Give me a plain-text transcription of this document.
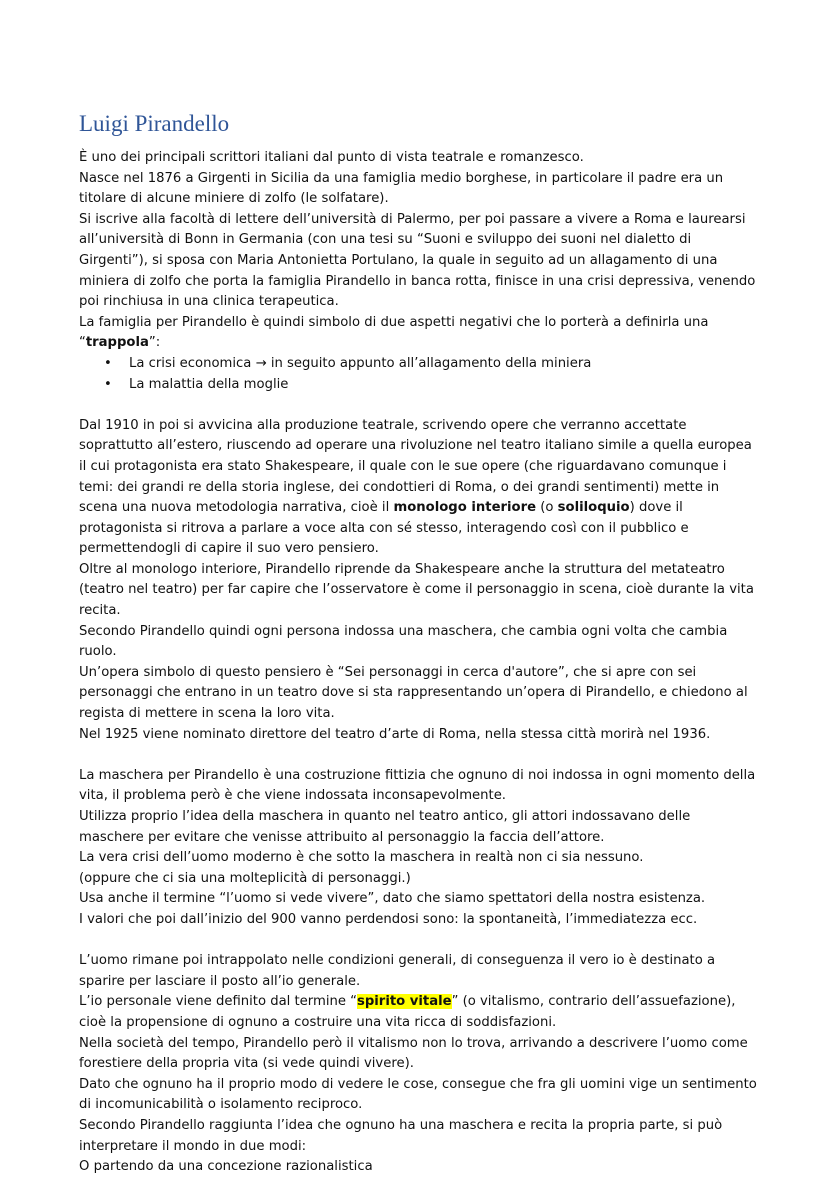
Luigi Pirandello

È uno dei principali scrittori italiani dal punto di vista teatrale e romanzesco.

Nasce nel 1876 a Girgenti in Sicilia da una famiglia medio borghese, in particolare il padre era un titolare di alcune miniere di zolfo (le solfatare).

Si iscrive alla facoltà di lettere dell’università di Palermo, per poi passare a vivere a Roma e laurearsi all’università di Bonn in Germania (con una tesi su “Suoni e sviluppo dei suoni nel dialetto di Girgenti”), si sposa con Maria Antonietta Portulano, la quale in seguito ad un allagamento di una miniera di zolfo che porta la famiglia Pirandello in banca rotta, finisce in una crisi depressiva, venendo poi rinchiusa in una clinica terapeutica.

La famiglia per Pirandello è quindi simbolo di due aspetti negativi che lo porterà a definirla una “trappola”:

• La crisi economica → in seguito appunto all’allagamento della miniera
• La malattia della moglie

Dal 1910 in poi si avvicina alla produzione teatrale, scrivendo opere che verranno accettate soprattutto all’estero, riuscendo ad operare una rivoluzione nel teatro italiano simile a quella europea il cui protagonista era stato Shakespeare, il quale con le sue opere (che riguardavano comunque i temi: dei grandi re della storia inglese, dei condottieri di Roma, o dei grandi sentimenti) mette in scena una nuova metodologia narrativa, cioè il monologo interiore (o soliloquio) dove il protagonista si ritrova a parlare a voce alta con sé stesso, interagendo così con il pubblico e permettendogli di capire il suo vero pensiero.

Oltre al monologo interiore, Pirandello riprende da Shakespeare anche la struttura del metateatro (teatro nel teatro) per far capire che l’osservatore è come il personaggio in scena, cioè durante la vita recita.

Secondo Pirandello quindi ogni persona indossa una maschera, che cambia ogni volta che cambia ruolo.

Un’opera simbolo di questo pensiero è “Sei personaggi in cerca d'autore”, che si apre con sei personaggi che entrano in un teatro dove si sta rappresentando un’opera di Pirandello, e chiedono al regista di mettere in scena la loro vita.

Nel 1925 viene nominato direttore del teatro d’arte di Roma, nella stessa città morirà nel 1936.

La maschera per Pirandello è una costruzione fittizia che ognuno di noi indossa in ogni momento della vita, il problema però è che viene indossata inconsapevolmente.

Utilizza proprio l’idea della maschera in quanto nel teatro antico, gli attori indossavano delle maschere per evitare che venisse attribuito al personaggio la faccia dell’attore.

La vera crisi dell’uomo moderno è che sotto la maschera in realtà non ci sia nessuno.

(oppure che ci sia una molteplicità di personaggi.)

Usa anche il termine “l’uomo si vede vivere”, dato che siamo spettatori della nostra esistenza.

I valori che poi dall’inizio del 900 vanno perdendosi sono: la spontaneità, l’immediatezza ecc.

L’uomo rimane poi intrappolato nelle condizioni generali, di conseguenza il vero io è destinato a sparire per lasciare il posto all’io generale.

L’io personale viene definito dal termine “spirito vitale” (o vitalismo, contrario dell’assuefazione), cioè la propensione di ognuno a costruire una vita ricca di soddisfazioni.

Nella società del tempo, Pirandello però il vitalismo non lo trova, arrivando a descrivere l’uomo come forestiere della propria vita (si vede quindi vivere).

Dato che ognuno ha il proprio modo di vedere le cose, consegue che fra gli uomini vige un sentimento di incomunicabilità o isolamento reciproco.

Secondo Pirandello raggiunta l’idea che ognuno ha una maschera e recita la propria parte, si può interpretare il mondo in due modi:

O partendo da una concezione razionalistica
